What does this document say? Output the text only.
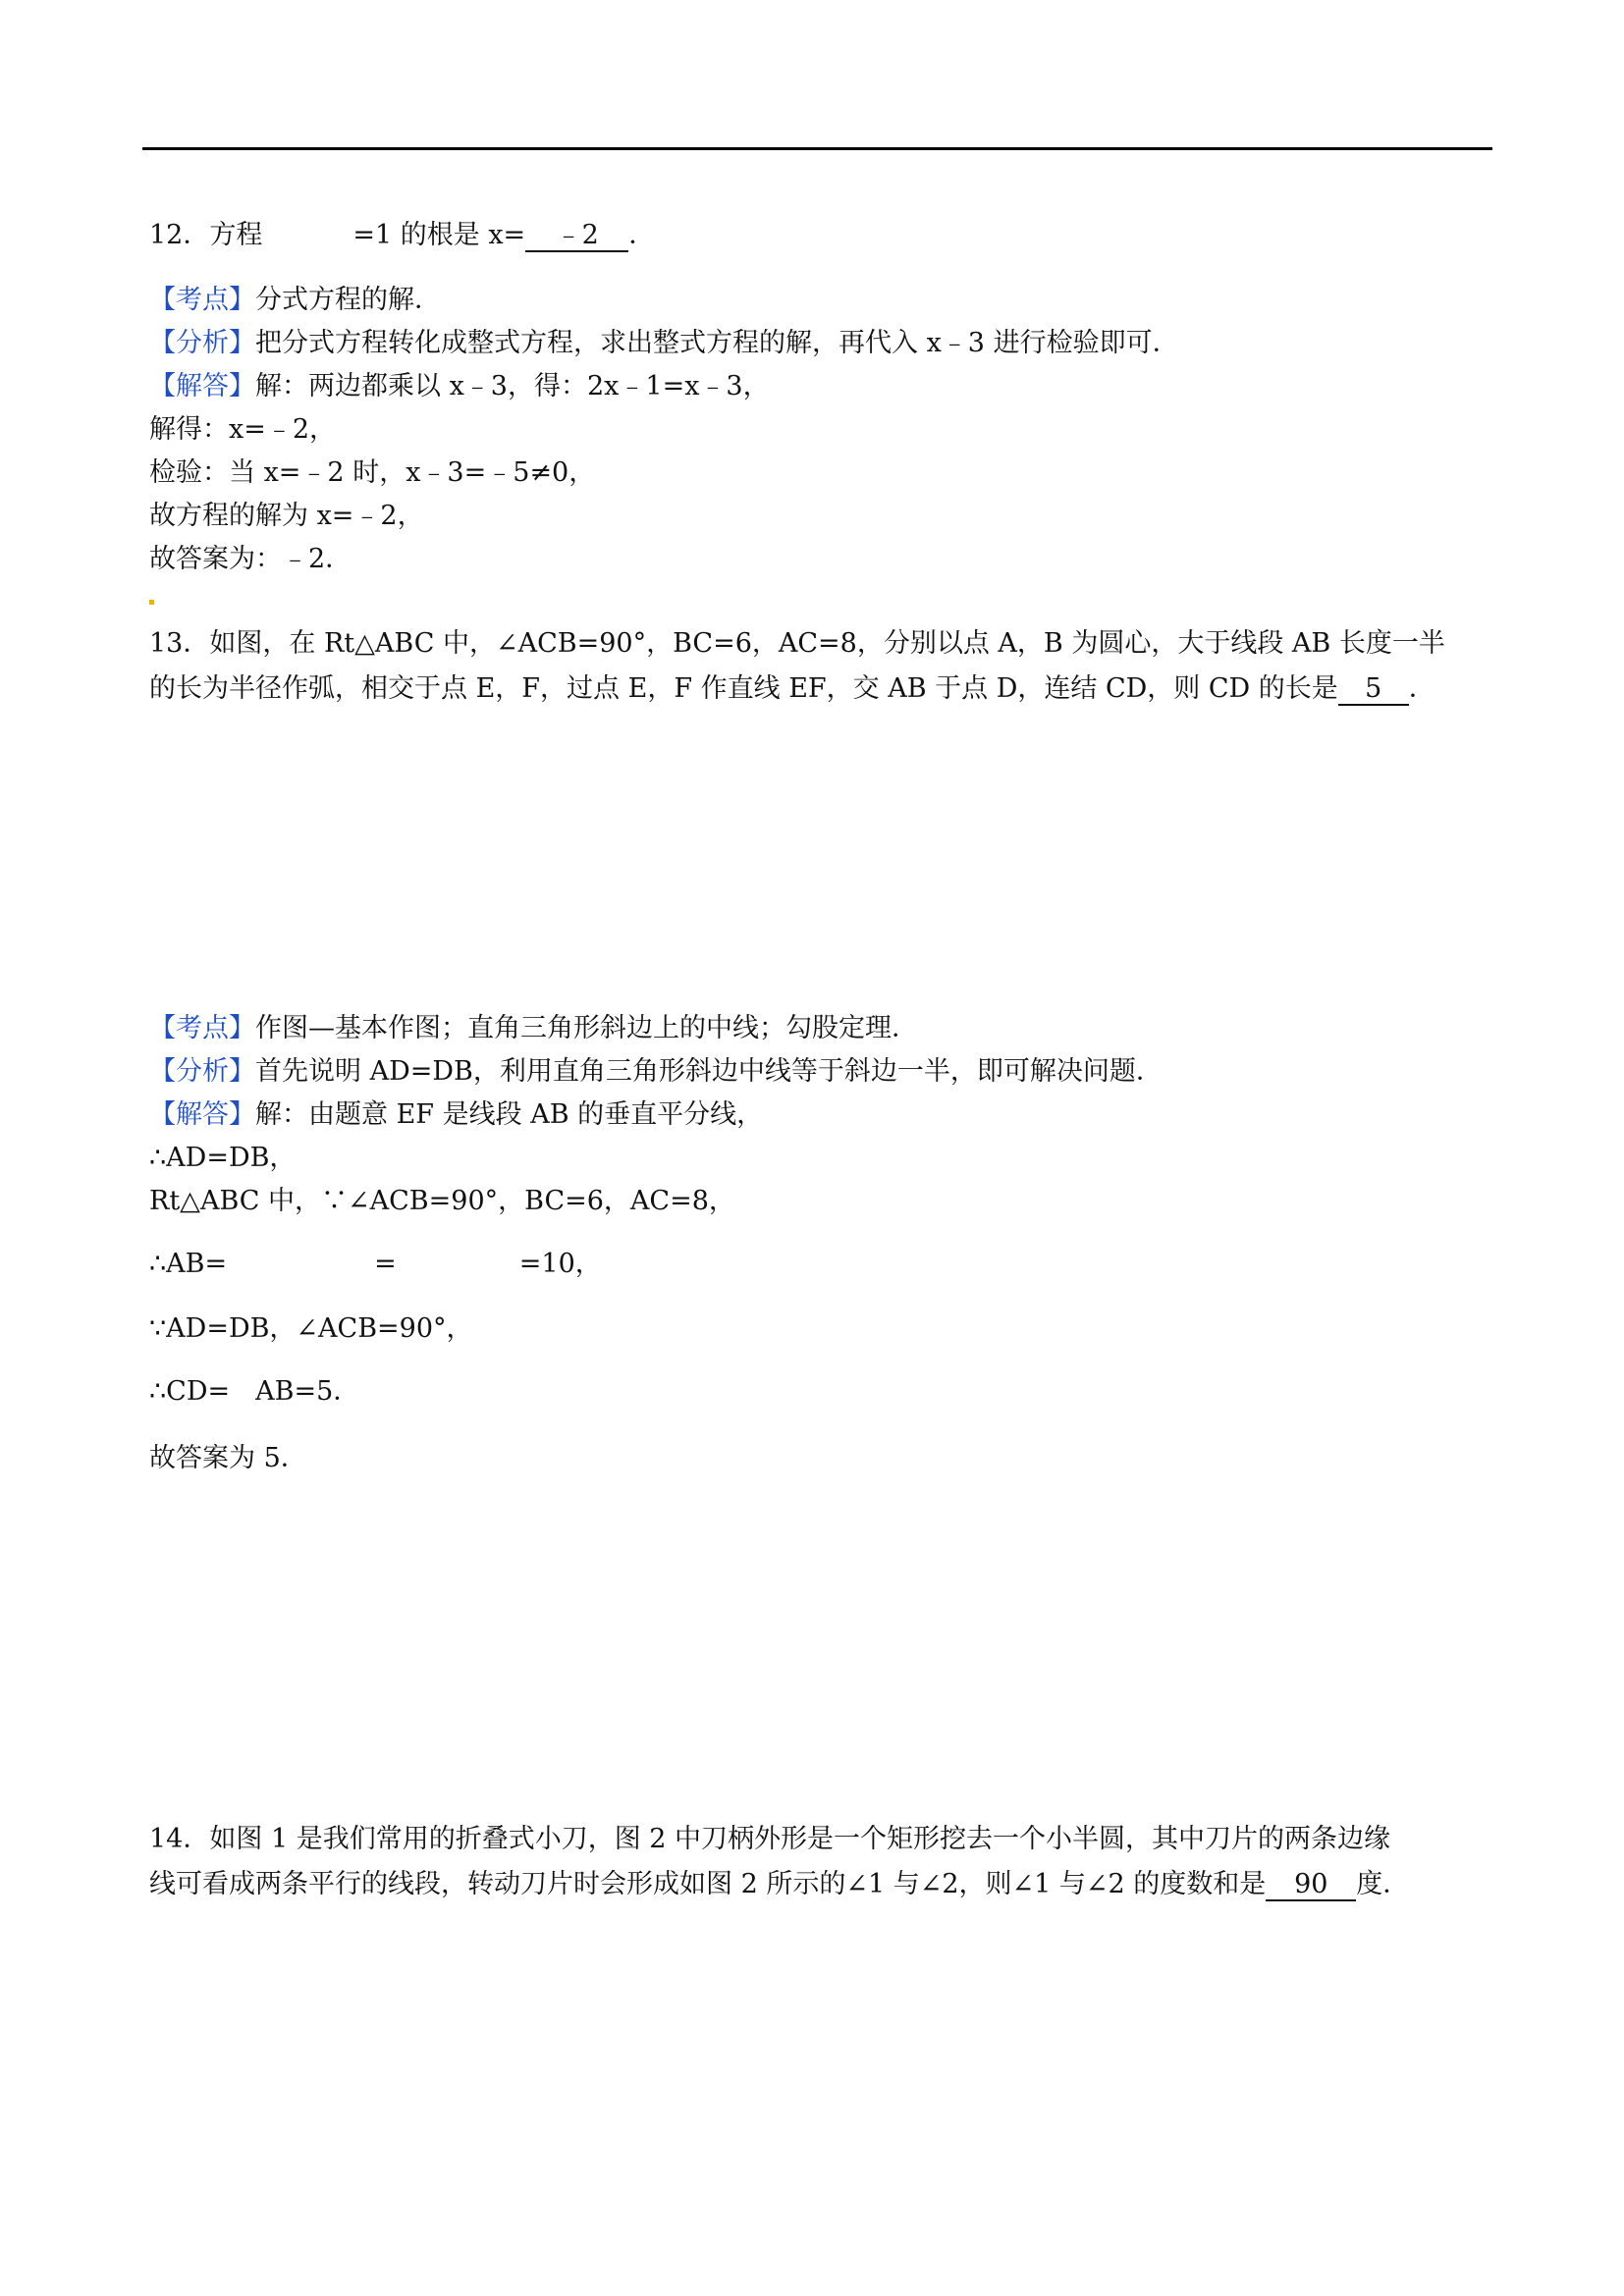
12．方程	=1 的根是 x= ﹣2 ．
【考点】分式方程的解．
【分析】把分式方程转化成整式方程，求出整式方程的解，再代入 x﹣3 进行检验即可．
【解答】解：两边都乘以 x﹣3，得：2x﹣1=x﹣3，
解得：x=﹣2，
检验：当 x=﹣2 时，x﹣3=﹣5≠0，
故方程的解为 x=﹣2，
故答案为：﹣2．
13．如图，在 Rt△ABC 中，∠ACB=90°，BC=6，AC=8，分别以点 A，B 为圆心，大于线段 AB 长度一半
的长为半径作弧，相交于点 E，F，过点 E，F 作直线 EF，交 AB 于点 D，连结 CD，则 CD 的长是 5 ．
【考点】作图—基本作图；直角三角形斜边上的中线；勾股定理．
【分析】首先说明 AD=DB，利用直角三角形斜边中线等于斜边一半，即可解决问题．
【解答】解：由题意 EF 是线段 AB 的垂直平分线，
∴AD=DB，
Rt△ABC 中，∵∠ACB=90°，BC=6，AC=8，
∴AB=	=	=10，
∵AD=DB，∠ACB=90°，
∴CD= AB=5．
故答案为 5．
14．如图 1 是我们常用的折叠式小刀，图 2 中刀柄外形是一个矩形挖去一个小半圆，其中刀片的两条边缘
线可看成两条平行的线段，转动刀片时会形成如图 2 所示的∠1 与∠2，则∠1 与∠2 的度数和是 90 度．
